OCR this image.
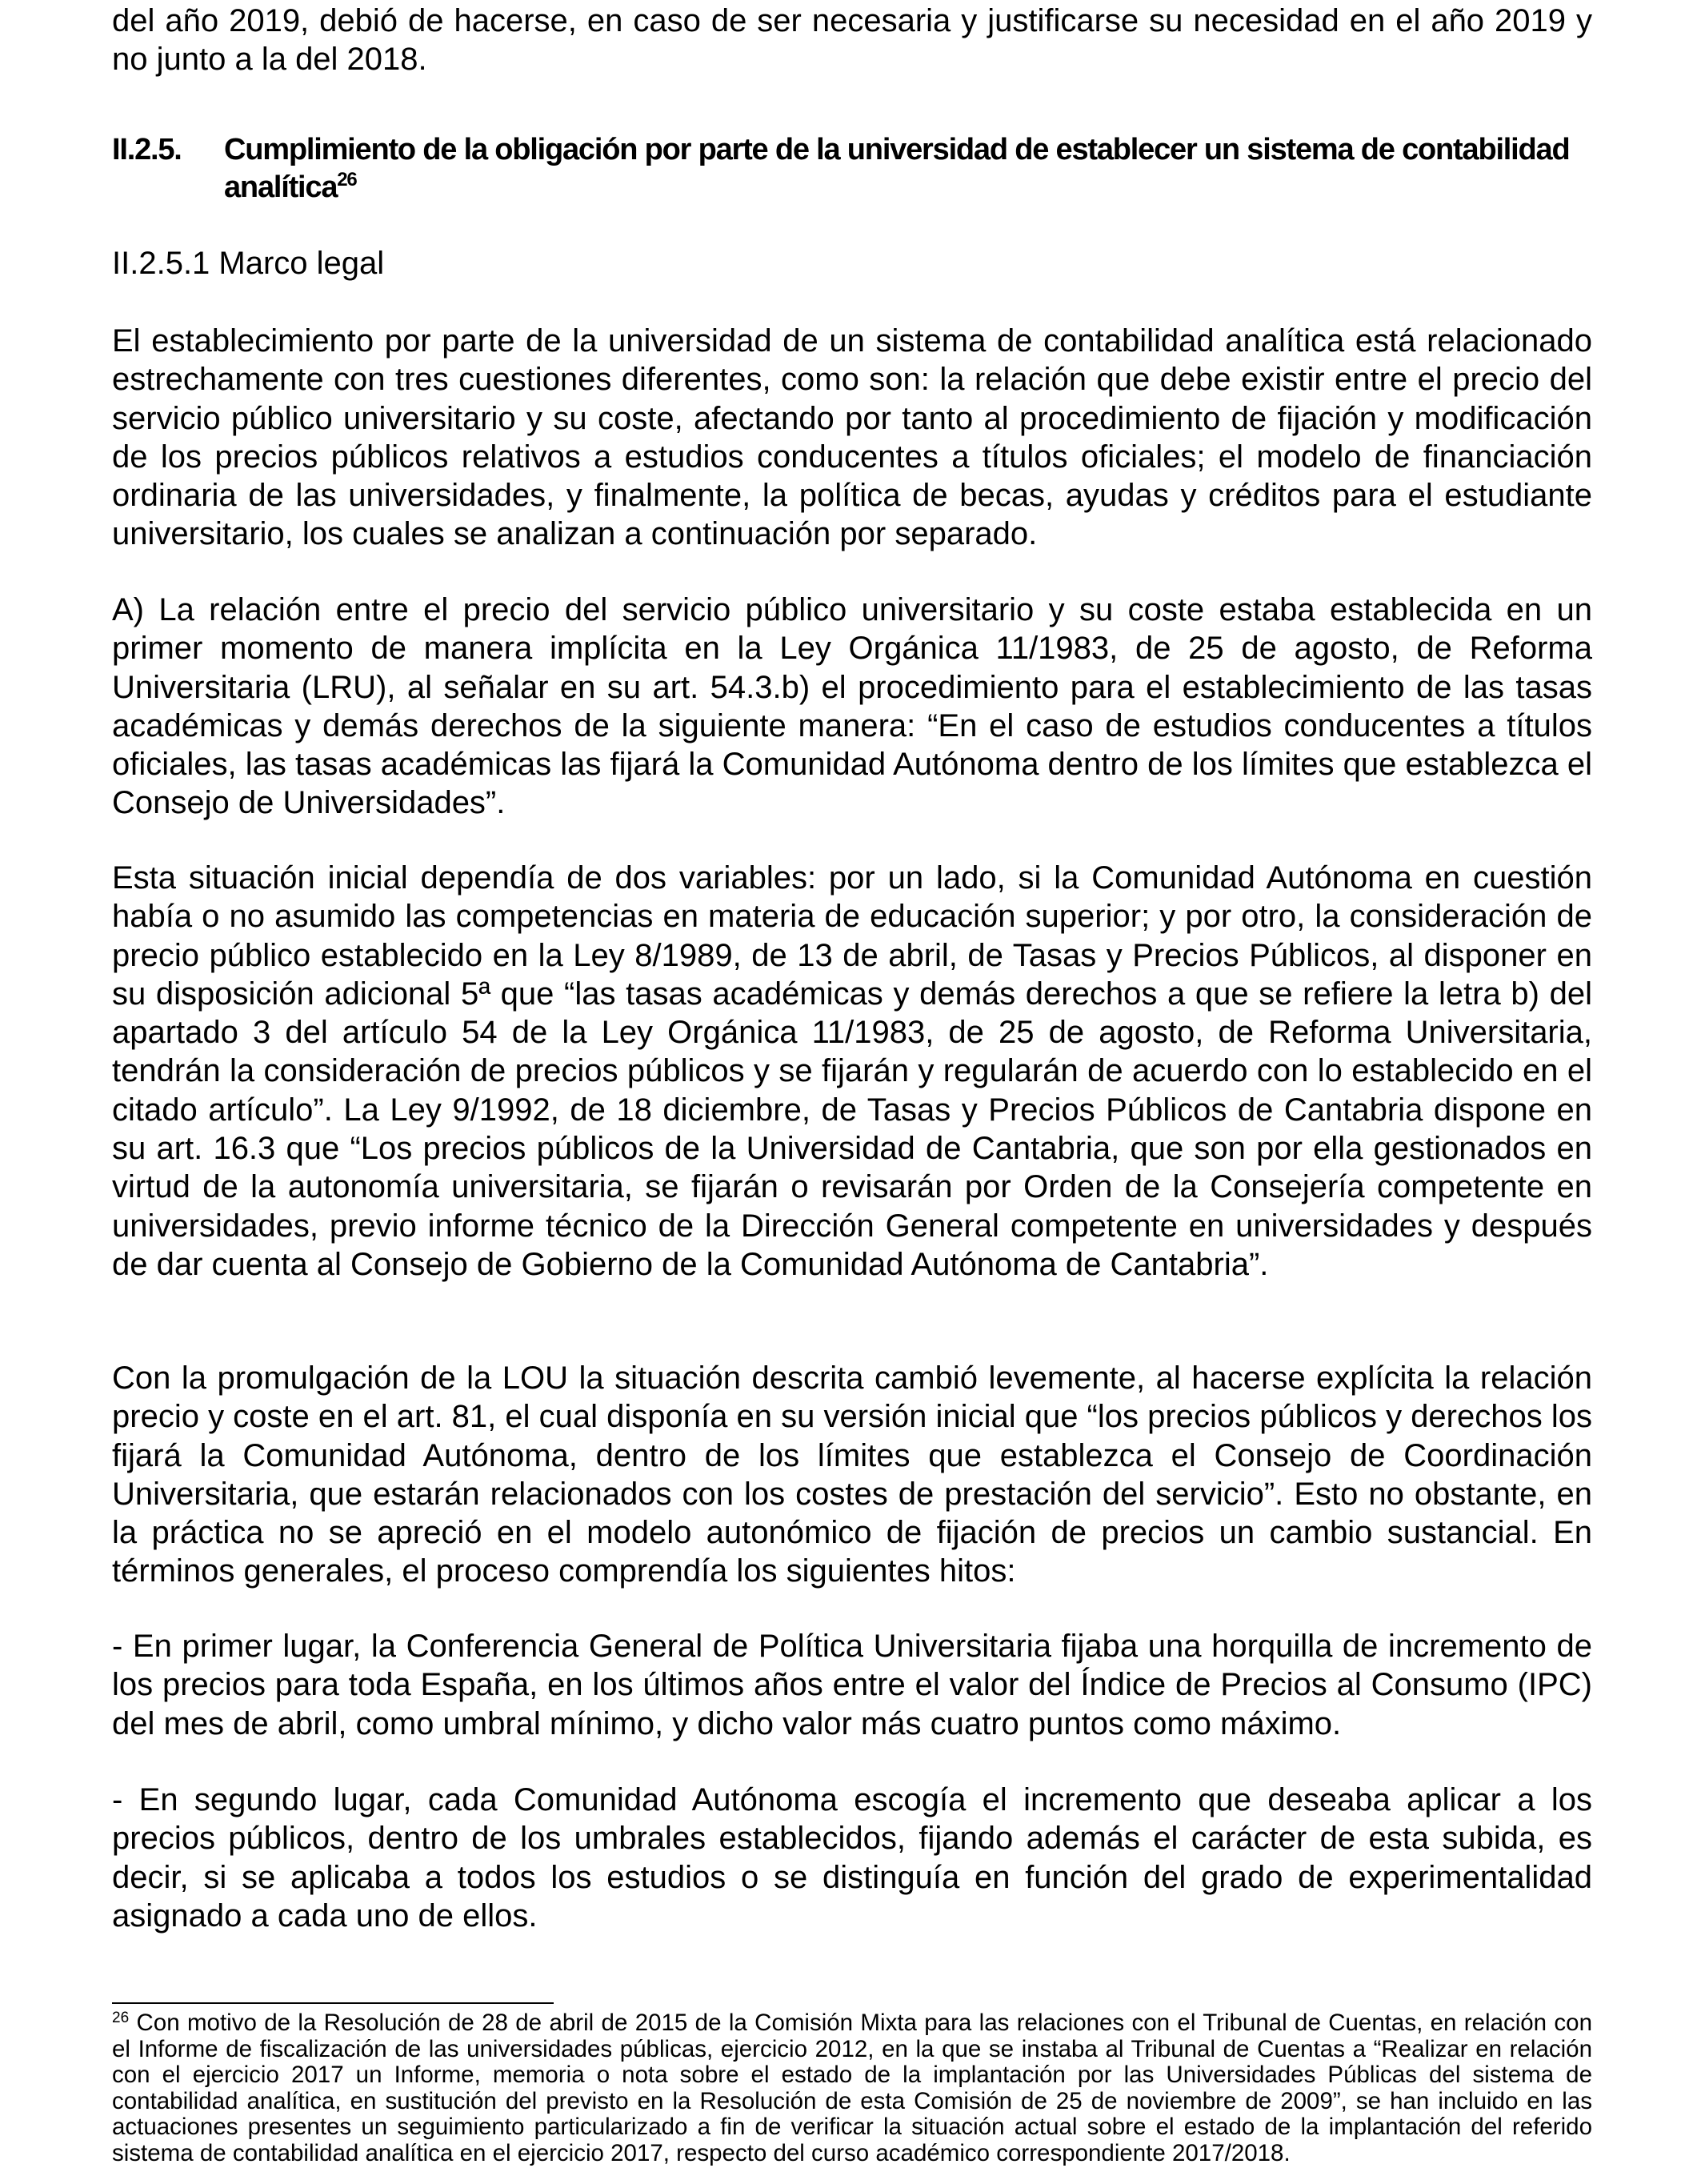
del año 2019, debió de hacerse, en caso de ser necesaria y justificarse su necesidad en el año 2019 y no junto a la del 2018.

II.2.5. Cumplimiento de la obligación por parte de la universidad de establecer un sistema de contabilidad analítica$^{26}$
II.2.5.1 Marco legal

El establecimiento por parte de la universidad de un sistema de contabilidad analítica está relacionado estrechamente con tres cuestiones diferentes, como son: la relación que debe existir entre el precio del servicio público universitario y su coste, afectando por tanto al procedimiento de fijación y modificación de los precios públicos relativos a estudios conducentes a títulos oficiales; el modelo de financiación ordinaria de las universidades, y finalmente, la política de becas, ayudas y créditos para el estudiante universitario, los cuales se analizan a continuación por separado.

A) La relación entre el precio del servicio público universitario y su coste estaba establecida en un primer momento de manera implícita en la Ley Orgánica 11/1983, de 25 de agosto, de Reforma Universitaria (LRU), al señalar en su art. 54.3.b) el procedimiento para el establecimiento de las tasas académicas y demás derechos de la siguiente manera: “En el caso de estudios conducentes a títulos oficiales, las tasas académicas las fijará la Comunidad Autónoma dentro de los límites que establezca el Consejo de Universidades”.

Esta situación inicial dependía de dos variables: por un lado, si la Comunidad Autónoma en cuestión había o no asumido las competencias en materia de educación superior; y por otro, la consideración de precio público establecido en la Ley 8/1989, de 13 de abril, de Tasas y Precios Públicos, al disponer en su disposición adicional 5ª que “las tasas académicas y demás derechos a que se refiere la letra b) del apartado 3 del artículo 54 de la Ley Orgánica 11/1983, de 25 de agosto, de Reforma Universitaria, tendrán la consideración de precios públicos y se fijarán y regularán de acuerdo con lo establecido en el citado artículo”. La Ley 9/1992, de 18 diciembre, de Tasas y Precios Públicos de Cantabria dispone en su art. 16.3 que “Los precios públicos de la Universidad de Cantabria, que son por ella gestionados en virtud de la autonomía universitaria, se fijarán o revisarán por Orden de la Consejería competente en universidades, previo informe técnico de la Dirección General competente en universidades y después de dar cuenta al Consejo de Gobierno de la Comunidad Autónoma de Cantabria”.

Con la promulgación de la LOU la situación descrita cambió levemente, al hacerse explícita la relación precio y coste en el art. 81, el cual disponía en su versión inicial que “los precios públicos y derechos los fijará la Comunidad Autónoma, dentro de los límites que establezca el Consejo de Coordinación Universitaria, que estarán relacionados con los costes de prestación del servicio”. Esto no obstante, en la práctica no se apreció en el modelo autonómico de fijación de precios un cambio sustancial. En términos generales, el proceso comprendía los siguientes hitos:

- En primer lugar, la Conferencia General de Política Universitaria fijaba una horquilla de incremento de los precios para toda España, en los últimos años entre el valor del Índice de Precios al Consumo (IPC) del mes de abril, como umbral mínimo, y dicho valor más cuatro puntos como máximo.

- En segundo lugar, cada Comunidad Autónoma escogía el incremento que deseaba aplicar a los precios públicos, dentro de los umbrales establecidos, fijando además el carácter de esta subida, es decir, si se aplicaba a todos los estudios o se distinguía en función del grado de experimentalidad asignado a cada uno de ellos.

$^{26}$ Con motivo de la Resolución de 28 de abril de 2015 de la Comisión Mixta para las relaciones con el Tribunal de Cuentas, en relación con el Informe de fiscalización de las universidades públicas, ejercicio 2012, en la que se instaba al Tribunal de Cuentas a “Realizar en relación con el ejercicio 2017 un Informe, memoria o nota sobre el estado de la implantación por las Universidades Públicas del sistema de contabilidad analítica, en sustitución del previsto en la Resolución de esta Comisión de 25 de noviembre de 2009”, se han incluido en las actuaciones presentes un seguimiento particularizado a fin de verificar la situación actual sobre el estado de la implantación del referido sistema de contabilidad analítica en el ejercicio 2017, respecto del curso académico correspondiente 2017/2018.
